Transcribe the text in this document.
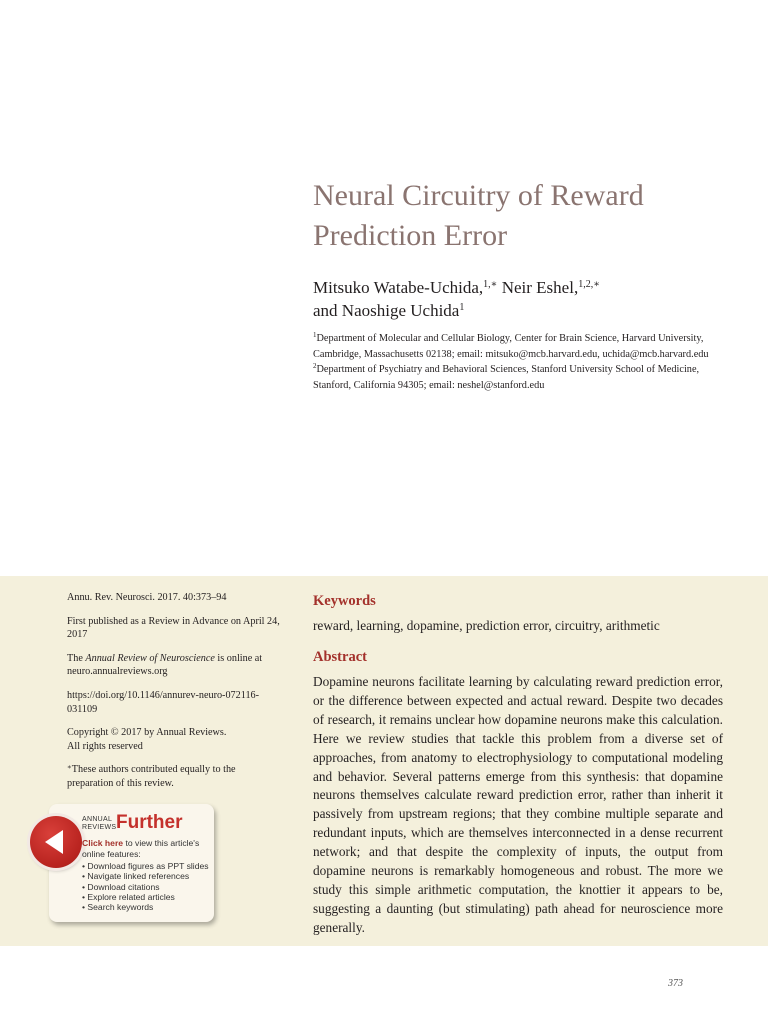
Neural Circuitry of Reward
Prediction Error
Mitsuko Watabe-Uchida,$^{1,∗}$ Neir Eshel,$^{1,2,∗}$
and Naoshige Uchida$^1$
$^1$Department of Molecular and Cellular Biology, Center for Brain Science, Harvard University, Cambridge, Massachusetts 02138; email: mitsuko@mcb.harvard.edu, uchida@mcb.harvard.edu
$^2$Department of Psychiatry and Behavioral Sciences, Stanford University School of Medicine, Stanford, California 94305; email: neshel@stanford.edu

Annu. Rev. Neurosci. 2017. 40:373–94

First published as a Review in Advance on April 24, 2017

The Annual Review of Neuroscience is online at neuro.annualreviews.org

https://doi.org/10.1146/annurev-neuro-072116-031109

Copyright © 2017 by Annual Reviews.
All rights reserved

∗These authors contributed equally to the preparation of this review.

ANNUAL
REVIEWS Further
Click here to view this article's online features:
• Download figures as PPT slides
• Navigate linked references
• Download citations
• Explore related articles
• Search keywords
Keywords

reward, learning, dopamine, prediction error, circuitry, arithmetic

Abstract

Dopamine neurons facilitate learning by calculating reward prediction error, or the difference between expected and actual reward. Despite two decades of research, it remains unclear how dopamine neurons make this calculation. Here we review studies that tackle this problem from a diverse set of approaches, from anatomy to electrophysiology to computational modeling and behavior. Several patterns emerge from this synthesis: that dopamine neurons themselves calculate reward prediction error, rather than inherit it passively from upstream regions; that they combine multiple separate and redundant inputs, which are themselves interconnected in a dense recurrent network; and that despite the complexity of inputs, the output from dopamine neurons is remarkably homogeneous and robust. The more we study this simple arithmetic computation, the knottier it appears to be, suggesting a daunting (but stimulating) path ahead for neuroscience more generally.

373
